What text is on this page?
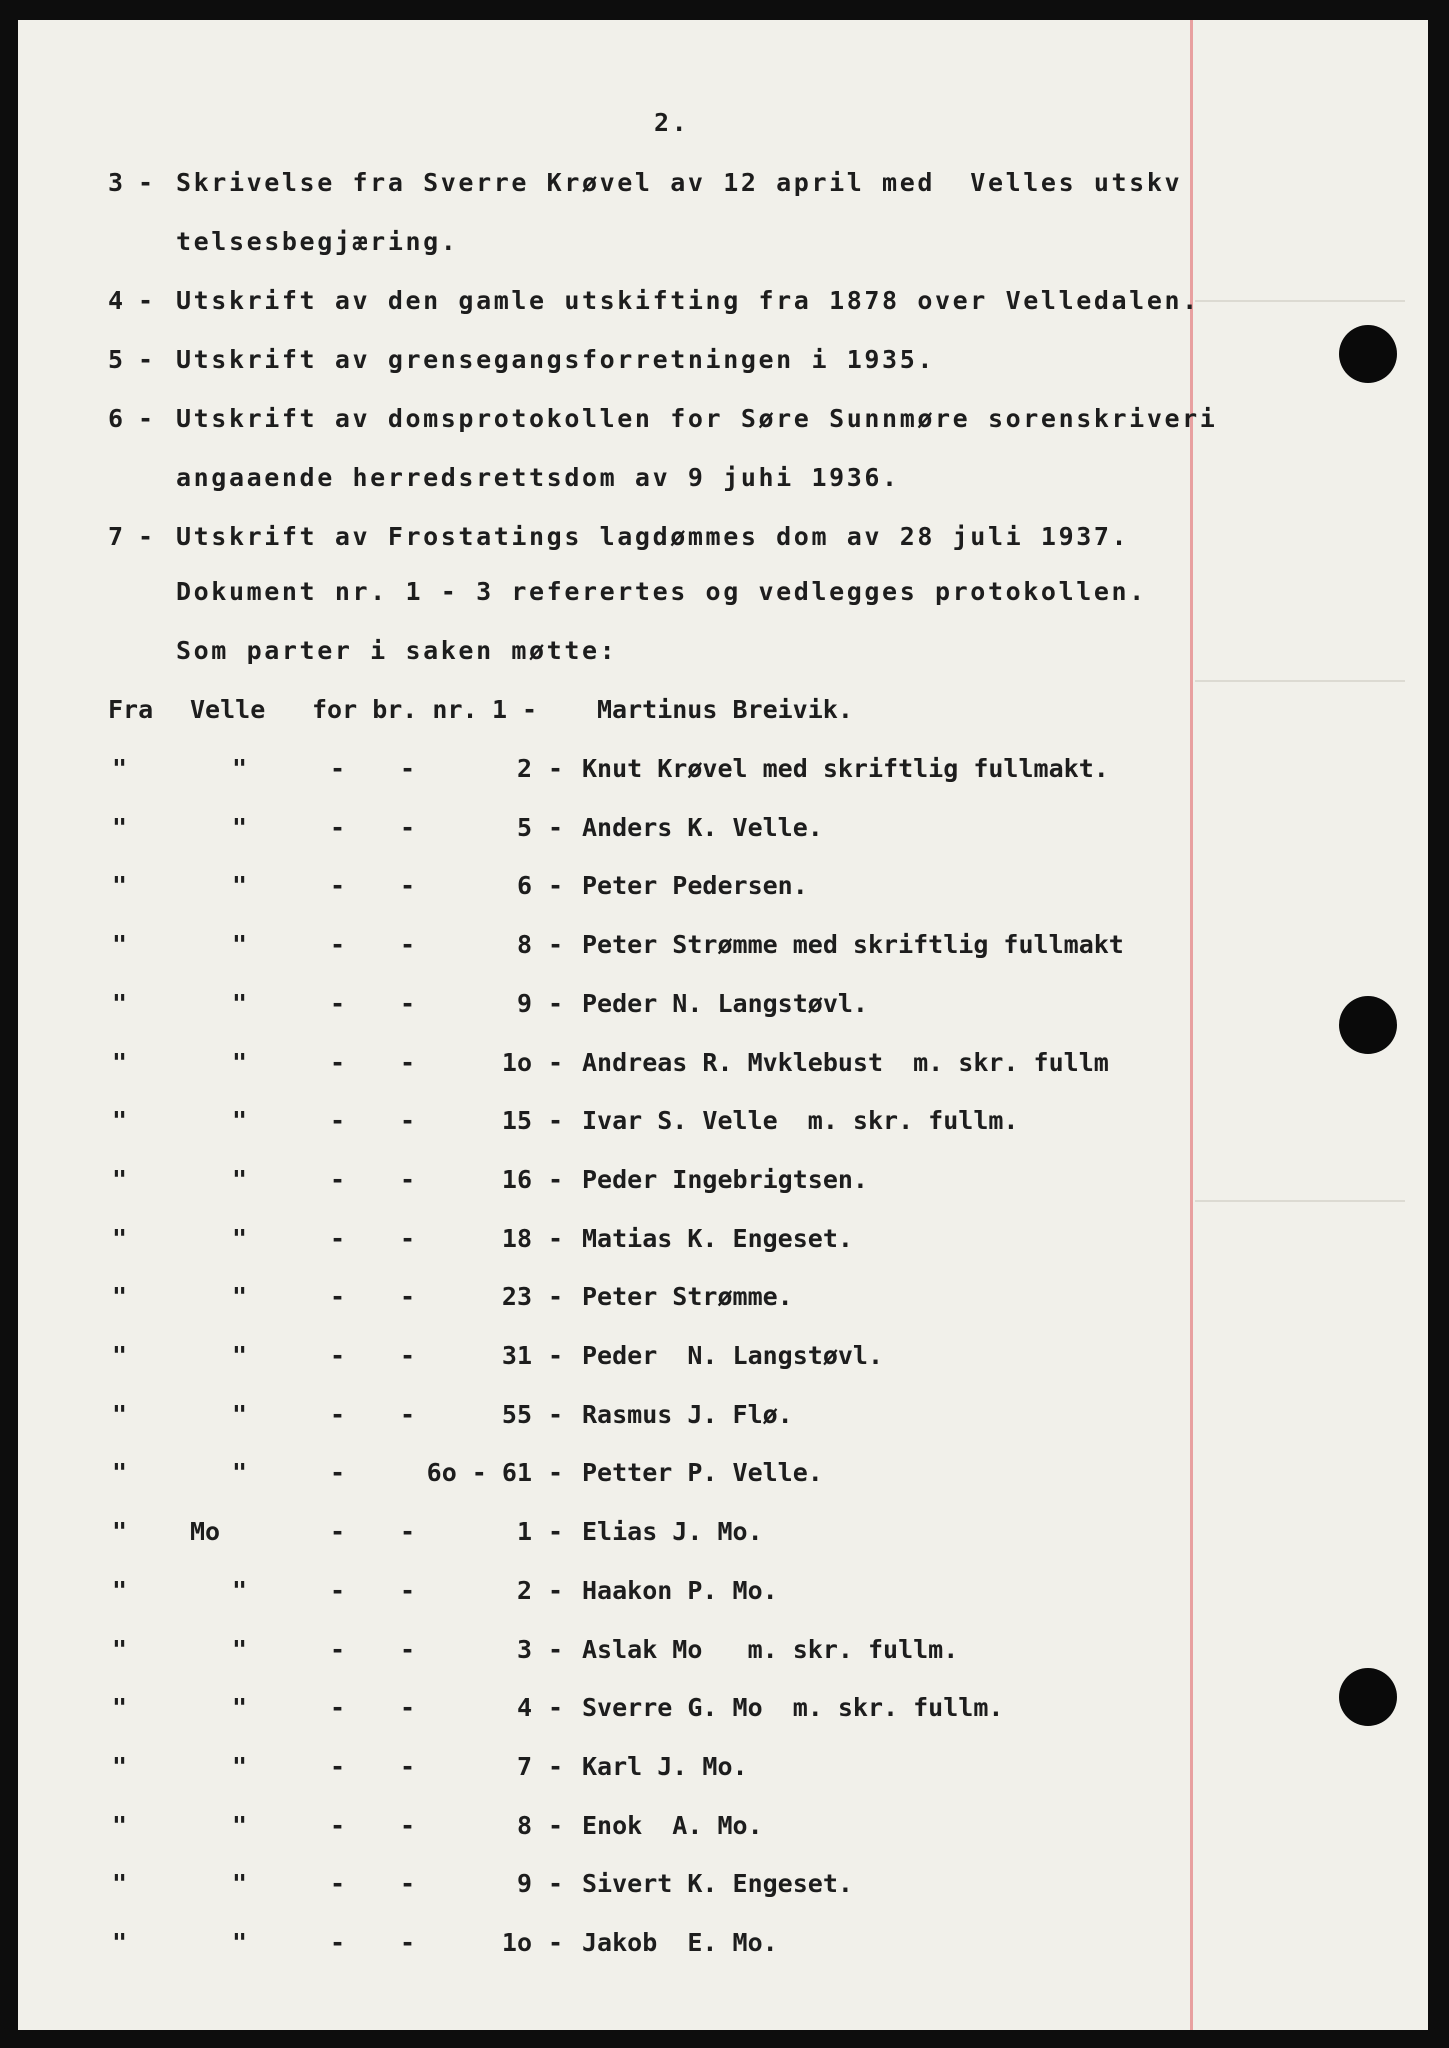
2.
3 - Skrivelse fra Sverre Krøvel av 12 april med  Velles utskv
telsesbegjæring.
4 - Utskrift av den gamle utskifting fra 1878 over Velledalen.
5 - Utskrift av grensegangsforretningen i 1935.
6 - Utskrift av domsprotokollen for Søre Sunnmøre sorenskriveri
angaaende herredsrettsdom av 9 juhi 1936.
7 - Utskrift av Frostatings lagdømmes dom av 28 juli 1937.
Dokument nr. 1 - 3 referertes og vedlegges protokollen.
Som parter i saken møtte:
Fra Velle for br. nr. 1 - Martinus Breivik.
"	"	- -	2 - Knut Krøvel med skriftlig fullmakt.
"	"	- -	5 - Anders K. Velle.
"	"	- -	6 - Peter Pedersen.
"	"	- -	8 - Peter Strømme med skriftlig fullmakt
"	"	- -	9 - Peder N. Langstøvl.
"	"	- -	1o - Andreas R. Mvklebust  m. skr. fullm
"	"	- -	15 - Ivar S. Velle  m. skr. fullm.
"	"	- -	16 - Peder Ingebrigtsen.
"	"	- -	18 - Matias K. Engeset.
"	"	- -	23 - Peter Strømme.
"	"	- -	31 - Peder  N. Langstøvl.
"	"	- -	55 - Rasmus J. Flø.
"	"	-	6o - 61 - Petter P. Velle.
"	Mo	- -	1 - Elias J. Mo.
"	"	- -	2 - Haakon P. Mo.
"	"	- -	3 - Aslak Mo   m. skr. fullm.
"	"	- -	4 - Sverre G. Mo  m. skr. fullm.
"	"	- -	7 - Karl J. Mo.
"	"	- -	8 - Enok  A. Mo.
"	"	- -	9 - Sivert K. Engeset.
"	"	- -	1o - Jakob  E. Mo.
